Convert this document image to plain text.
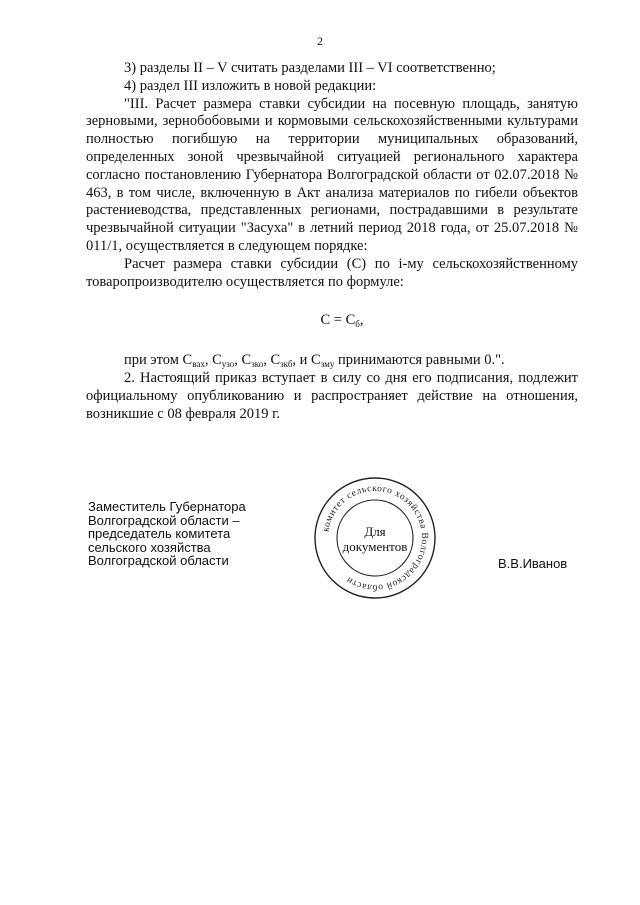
2

3) разделы II – V считать разделами III – VI соответственно;

4) раздел III изложить в новой редакции:

"III. Расчет размера ставки субсидии на посевную площадь, занятую зерновыми, зернобобовыми и кормовыми сельскохозяйственными культурами полностью погибшую на территории муниципальных образований, определенных зоной чрезвычайной ситуацией регионального характера согласно постановлению Губернатора Волгоградской области от 02.07.2018 № 463, в том числе, включенную в Акт анализа материалов по гибели объектов растениеводства, представленных регионами, пострадавшими в результате чрезвычайной ситуации "Засуха" в летний период 2018 года, от 25.07.2018 № 011/1, осуществляется в следующем порядке:

Расчет размера ставки субсидии (С) по i-му сельскохозяйственному товаропроизводителю осуществляется по формуле:

$С = С_б$,

при этом $С_{вах}$, $С_{узо}$, $С_{зко}$, $С_{зкб}$, и $С_{зму}$ принимаются равными 0.".

2. Настоящий приказ вступает в силу со дня его подписания, подлежит официальному опубликованию и распространяет действие на отношения, возникшие с 08 февраля 2019 г.

Заместитель Губернатора
Волгоградской области –
председатель комитета
сельского хозяйства
Волгоградской области
комитет сельского хозяйства Волгоградской области
Для
документов
В.В.Иванов
